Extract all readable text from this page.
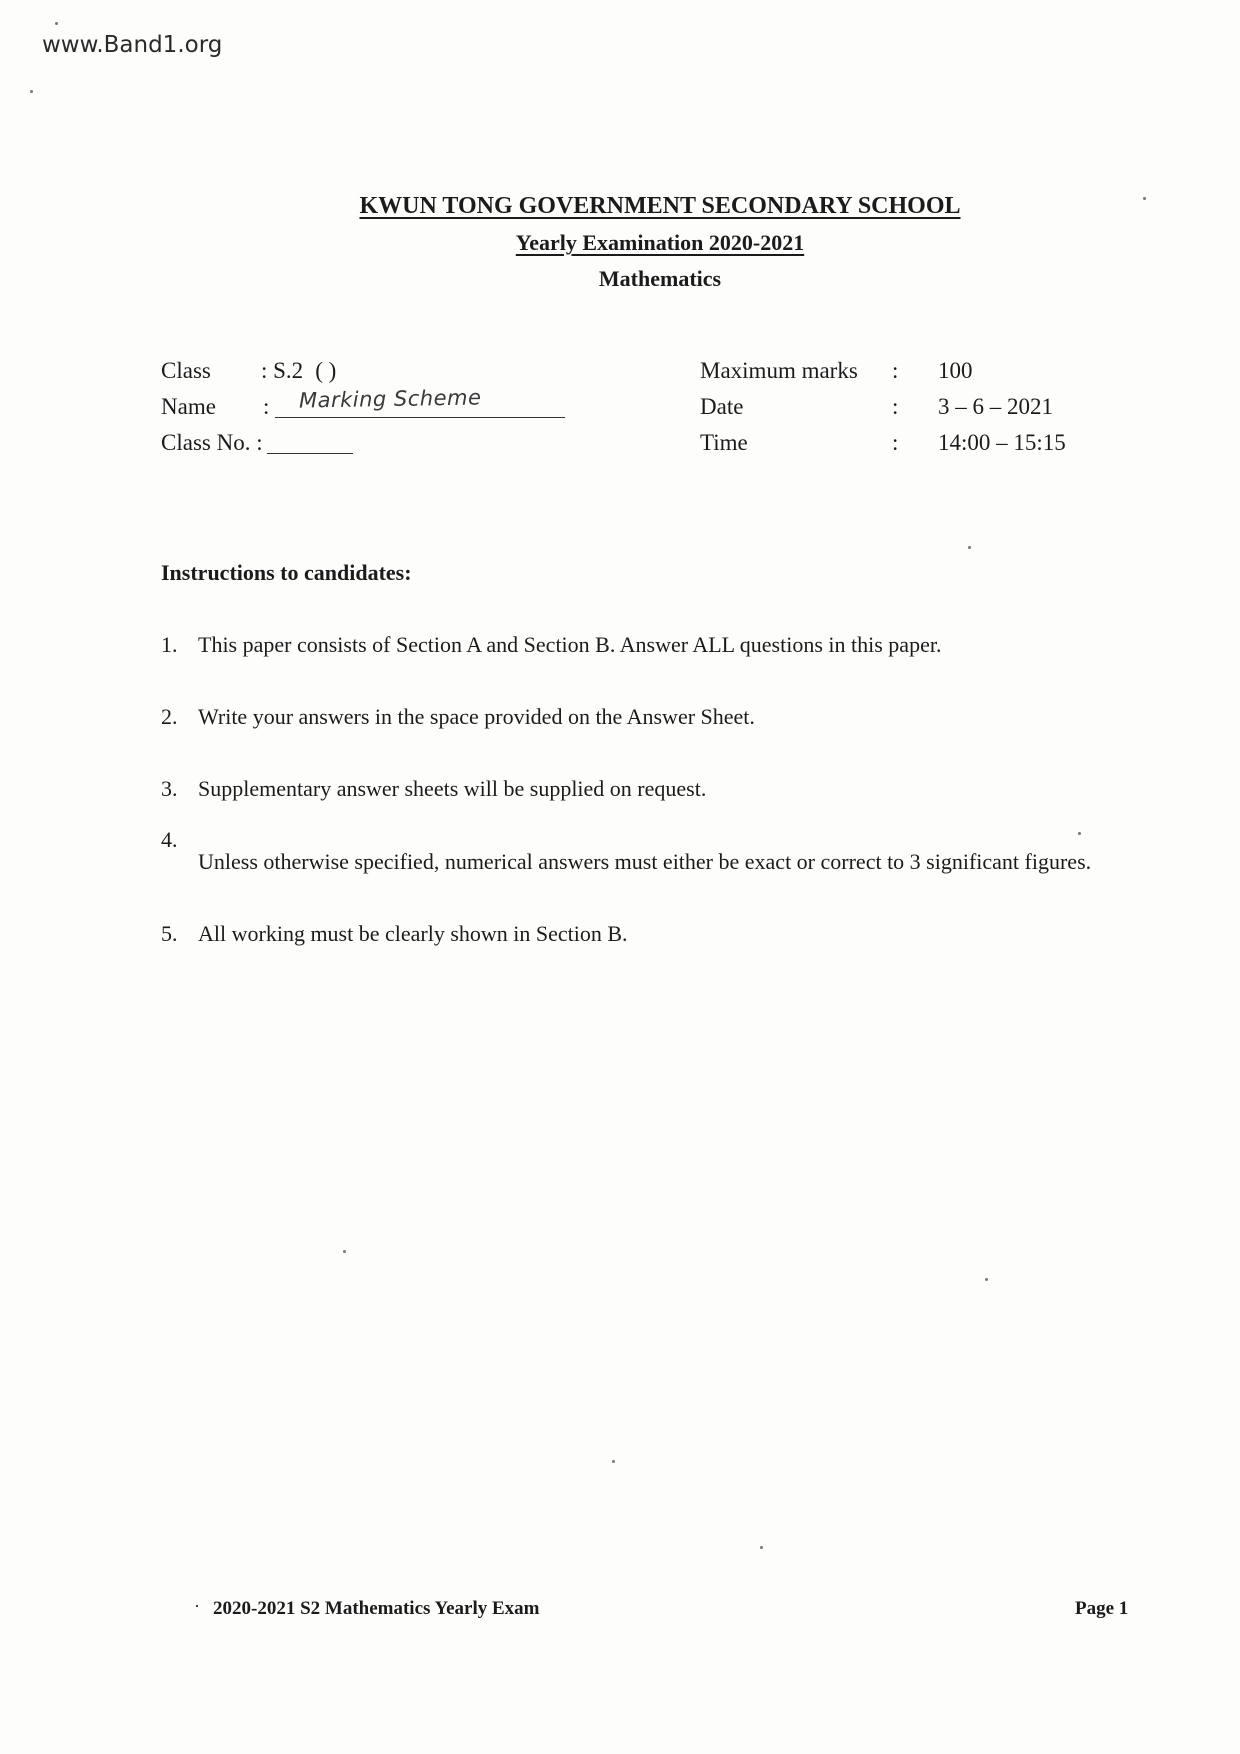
www.Band1.org
KWUN TONG GOVERNMENT SECONDARY SCHOOL
Yearly Examination 2020-2021
Mathematics
Class : S.2 ( )
Name : Marking Scheme
Class No. :
Maximum marks : 100
Date	: 3 – 6 – 2021
Time	: 14:00 – 15:15
Instructions to candidates:
1. This paper consists of Section A and Section B. Answer ALL questions in this paper.
2. Write your answers in the space provided on the Answer Sheet.
3. Supplementary answer sheets will be supplied on request.
4.
Unless otherwise specified, numerical answers must either be exact or correct to 3 significant figures.
5. All working must be clearly shown in Section B.
· 2020-2021 S2 Mathematics Yearly Exam	Page 1
